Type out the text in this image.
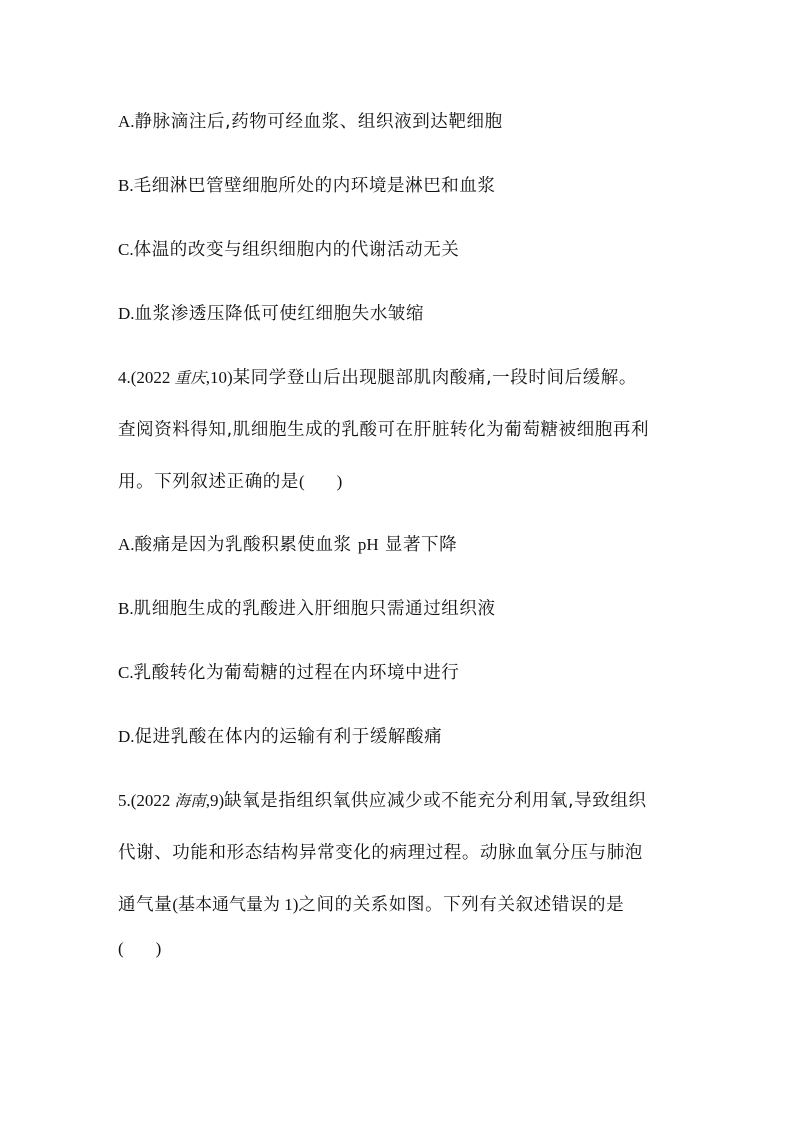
A.静脉滴注后,药物可经血浆、组织液到达靶细胞
B.毛细淋巴管壁细胞所处的内环境是淋巴和血浆
C.体温的改变与组织细胞内的代谢活动无关
D.血浆渗透压降低可使红细胞失水皱缩
4.(2022 重庆,10)某同学登山后出现腿部肌肉酸痛,一段时间后缓解。
查阅资料得知,肌细胞生成的乳酸可在肝脏转化为葡萄糖被细胞再利
用。下列叙述正确的是( )
A.酸痛是因为乳酸积累使血浆 pH 显著下降
B.肌细胞生成的乳酸进入肝细胞只需通过组织液
C.乳酸转化为葡萄糖的过程在内环境中进行
D.促进乳酸在体内的运输有利于缓解酸痛
5.(2022 海南,9)缺氧是指组织氧供应减少或不能充分利用氧,导致组织
代谢、功能和形态结构异常变化的病理过程。动脉血氧分压与肺泡
通气量(基本通气量为 1)之间的关系如图。下列有关叙述错误的是
( )
